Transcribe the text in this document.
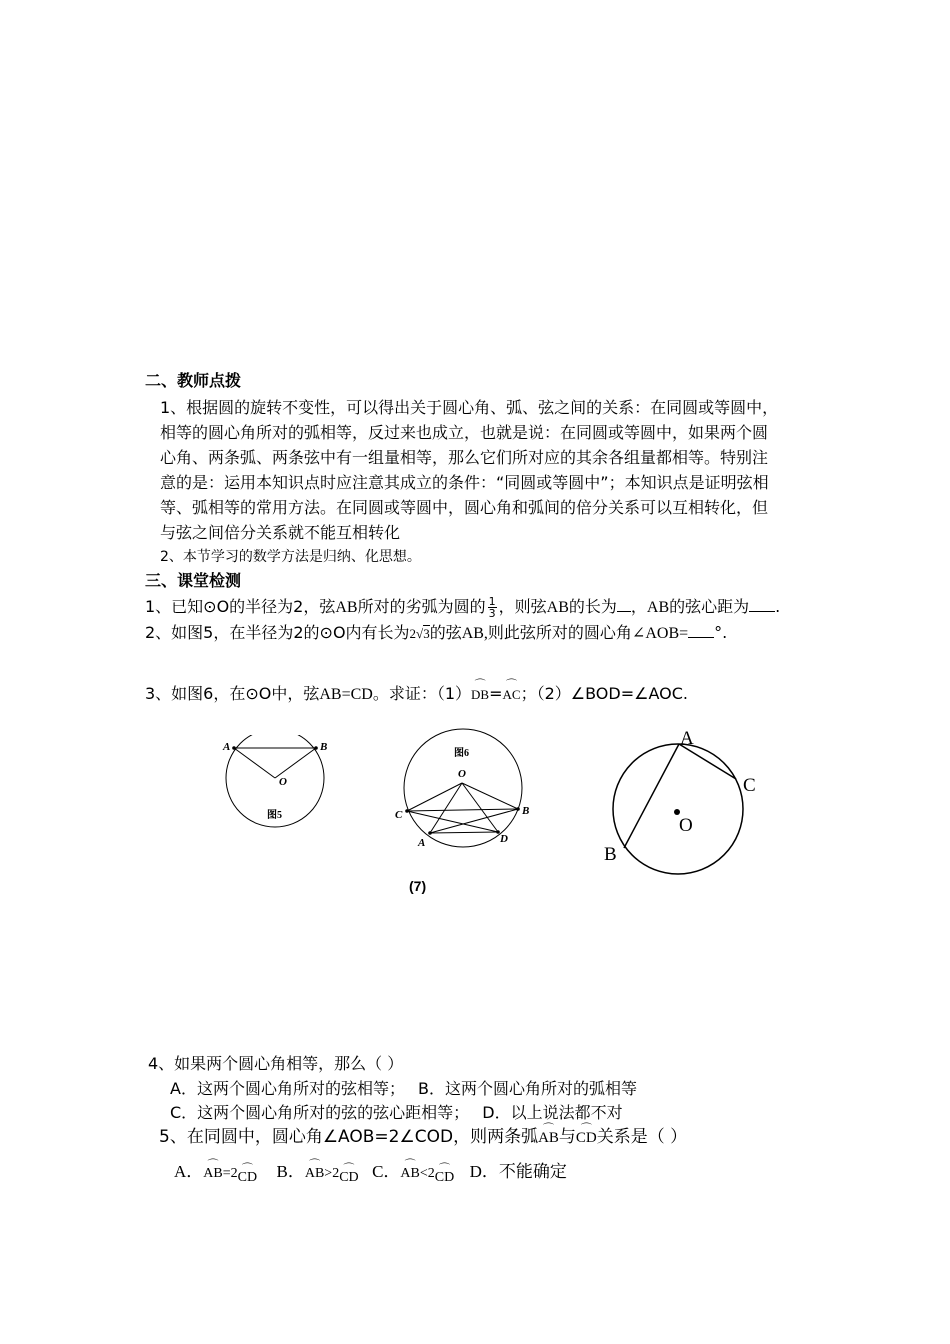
二、教师点拨
1、根据圆的旋转不变性，可以得出关于圆心角、弧、弦之间的关系：在同圆或等圆中，
相等的圆心角所对的弧相等，反过来也成立，也就是说：在同圆或等圆中，如果两个圆
心角、两条弧、两条弦中有一组量相等，那么它们所对应的其余各组量都相等。特别注
意的是：运用本知识点时应注意其成立的条件：“同圆或等圆中”；本知识点是证明弦相
等、弧相等的常用方法。在同圆或等圆中，圆心角和弧间的倍分关系可以互相转化，但
与弦之间倍分关系就不能互相转化
2、本节学习的数学方法是归纳、化思想。
三、课堂检测
1、已知⊙O的半径为2，弦AB所对的劣弧为圆的 $\frac{1}{3}$ ，则弦AB的长为 ，AB的弦心距为 .
2、如图5，在半径为2的⊙O内有长为2√3的弦AB,则此弦所对的圆心角∠AOB= °.
3、如图6，在⊙O中，弦AB=CD。求证：（1）⌒ DB=⌒ AC；（2）∠BOD=∠AOC.
A	B
O
图5
图6
O
B
C
A	D
(7)
A
C
B
O
4、如果两个圆心角相等，那么（ ）
A．这两个圆心角所对的弦相等； B．这两个圆心角所对的弧相等
C．这两个圆心角所对的弦的弦心距相等； D．以上说法都不对
5、在同圆中，圆心角∠AOB=2∠COD，则两条弧⌒ AB与⌒ CD关系是（ ）
A．⌒ AB=2⌒ CD B．⌒ AB>2⌒ CD C．⌒ AB<2⌒ CD D．不能确定
